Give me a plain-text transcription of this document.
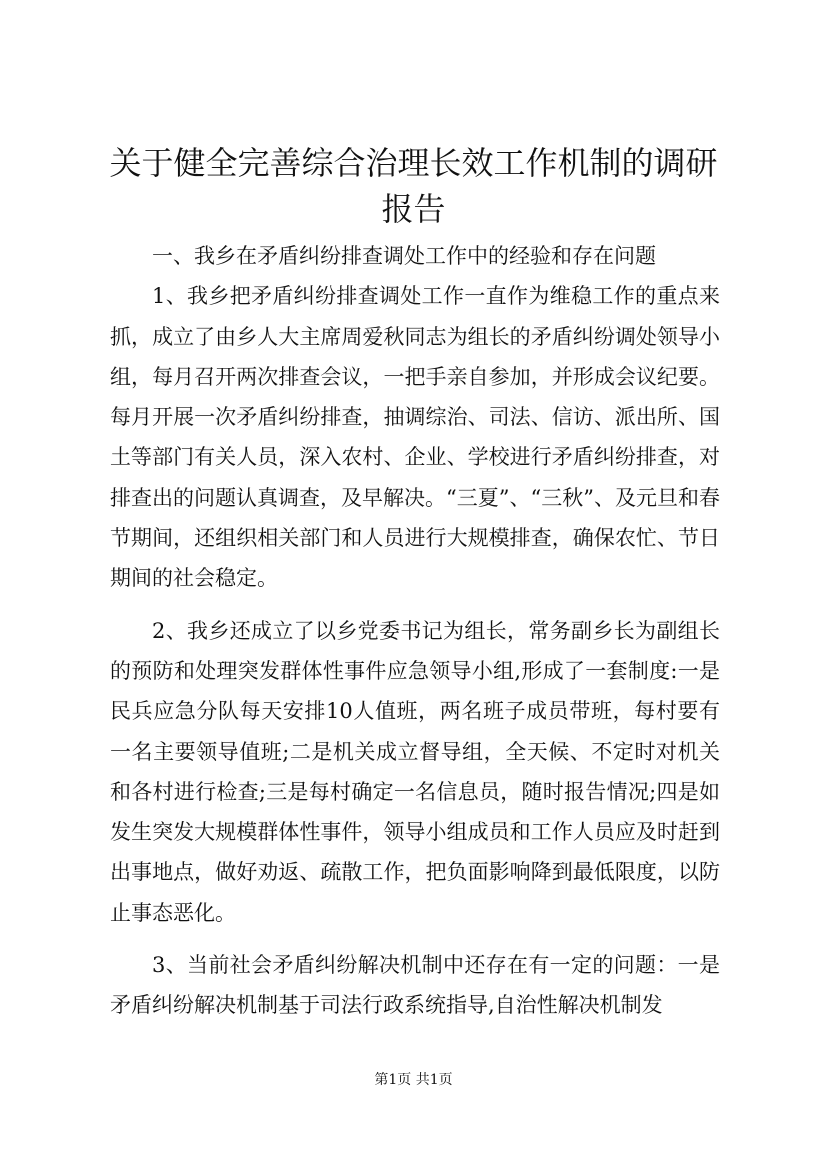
关于健全完善综合治理长效工作机制的调研报告

一、我乡在矛盾纠纷排查调处工作中的经验和存在问题

1、我乡把矛盾纠纷排查调处工作一直作为维稳工作的重点来抓，成立了由乡人大主席周爱秋同志为组长的矛盾纠纷调处领导小组，每月召开两次排查会议，一把手亲自参加，并形成会议纪要。每月开展一次矛盾纠纷排查，抽调综治、司法、信访、派出所、国土等部门有关人员，深入农村、企业、学校进行矛盾纠纷排查，对排查出的问题认真调查，及早解决。“三夏”、“三秋”、及元旦和春节期间，还组织相关部门和人员进行大规模排查，确保农忙、节日期间的社会稳定。

2、我乡还成立了以乡党委书记为组长，常务副乡长为副组长的预防和处理突发群体性事件应急领导小组,形成了一套制度:一是民兵应急分队每天安排10人值班，两名班子成员带班，每村要有一名主要领导值班;二是机关成立督导组，全天候、不定时对机关和各村进行检查;三是每村确定一名信息员，随时报告情况;四是如发生突发大规模群体性事件，领导小组成员和工作人员应及时赶到出事地点，做好劝返、疏散工作，把负面影响降到最低限度，以防止事态恶化。

3、当前社会矛盾纠纷解决机制中还存在有一定的问题：一是矛盾纠纷解决机制基于司法行政系统指导,自治性解决机制发

第1页 共1页
